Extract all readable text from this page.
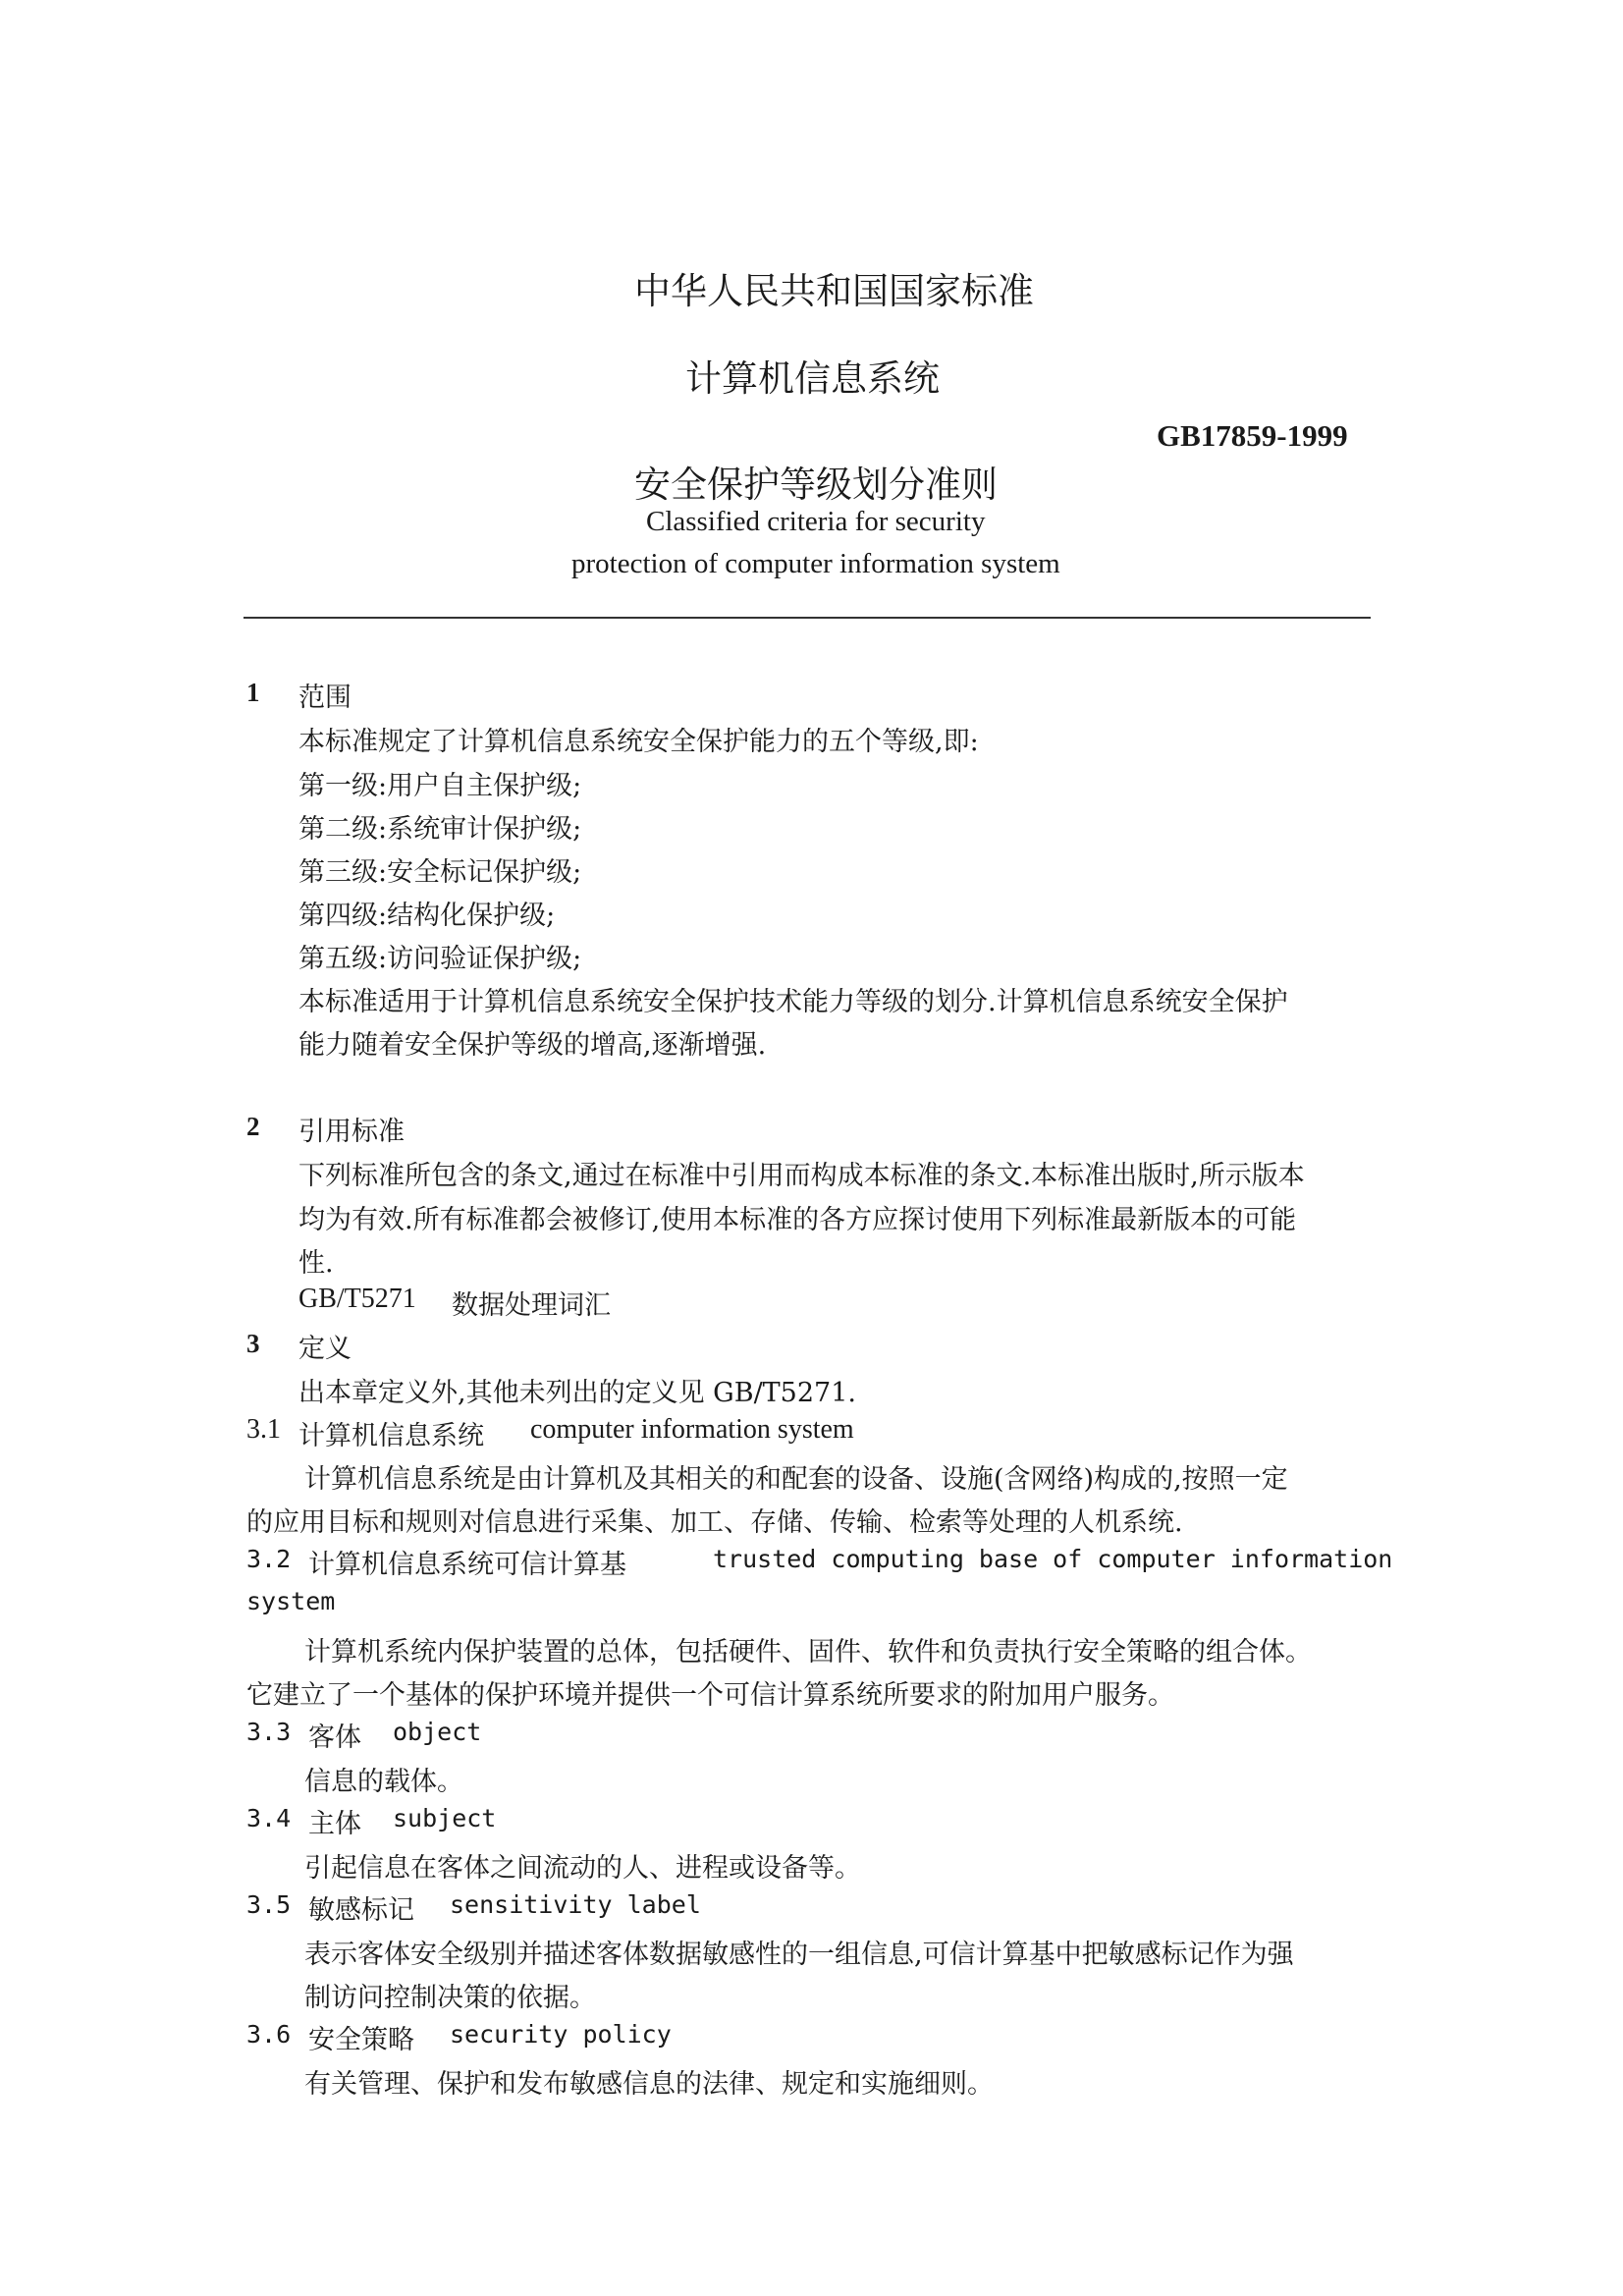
中华人民共和国国家标准
计算机信息系统
GB17859-1999
安全保护等级划分准则
Classified criteria for security
protection of computer information system
1 范围
本标准规定了计算机信息系统安全保护能力的五个等级,即:
第一级:用户自主保护级;
第二级:系统审计保护级;
第三级:安全标记保护级;
第四级:结构化保护级;
第五级:访问验证保护级;
本标准适用于计算机信息系统安全保护技术能力等级的划分.计算机信息系统安全保护
能力随着安全保护等级的增高,逐渐增强.
2 引用标准
下列标准所包含的条文,通过在标准中引用而构成本标准的条文.本标准出版时,所示版本
均为有效.所有标准都会被修订,使用本标准的各方应探讨使用下列标准最新版本的可能
性.
GB/T5271 数据处理词汇
3 定义
出本章定义外,其他未列出的定义见 GB/T5271.
3.1 计算机信息系统 computer information system
计算机信息系统是由计算机及其相关的和配套的设备、设施(含网络)构成的,按照一定
的应用目标和规则对信息进行采集、加工、存储、传输、检索等处理的人机系统.
3.2 计算机信息系统可信计算基	trusted computing base of computer information
system
计算机系统内保护装置的总体，包括硬件、固件、软件和负责执行安全策略的组合体。
它建立了一个基体的保护环境并提供一个可信计算系统所要求的附加用户服务。
3.3 客体 object
信息的载体。
3.4 主体 subject
引起信息在客体之间流动的人、进程或设备等。
3.5 敏感标记 sensitivity label
表示客体安全级别并描述客体数据敏感性的一组信息,可信计算基中把敏感标记作为强
制访问控制决策的依据。
3.6 安全策略 security policy
有关管理、保护和发布敏感信息的法律、规定和实施细则。
